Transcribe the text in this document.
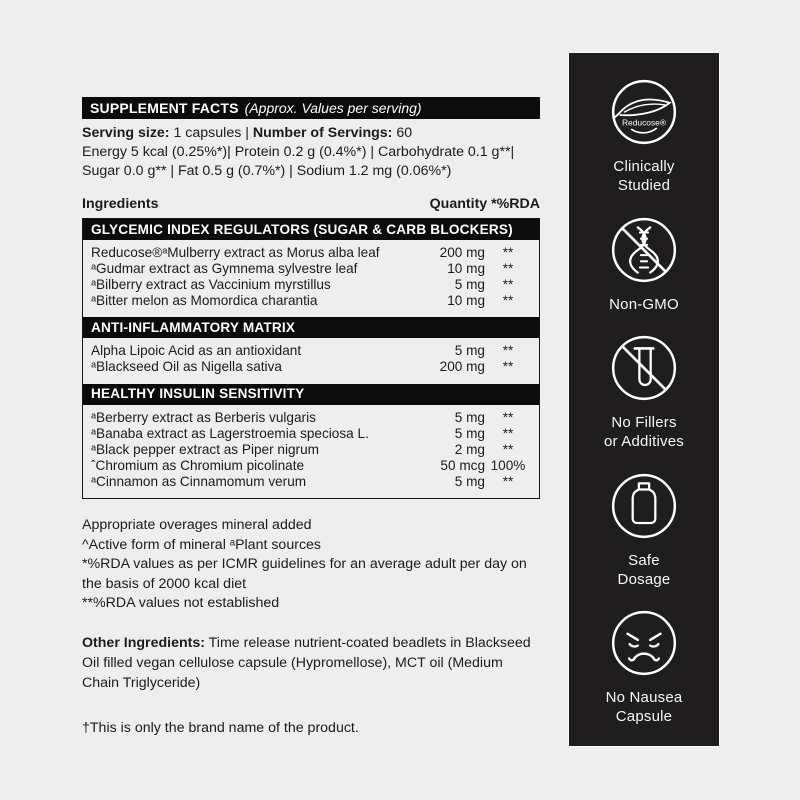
SUPPLEMENT FACTS (Approx. Values per serving)
Serving size: 1 capsules | Number of Servings: 60
Energy 5 kcal (0.25%*)| Protein 0.2 g (0.4%*) | Carbohydrate 0.1 g**|
Sugar 0.0 g** | Fat 0.5 g (0.7%*) | Sodium 1.2 mg (0.06%*)
Ingredients	Quantity *%RDA
GLYCEMIC INDEX REGULATORS (SUGAR & CARB BLOCKERS)
Reducose®ᵃMulberry extract as Morus alba leaf	200 mg	**
ᵃGudmar extract as Gymnema sylvestre leaf	10 mg	**
ᵃBilberry extract as Vaccinium myrstillus	5 mg	**
ᵃBitter melon as Momordica charantia	10 mg	**
ANTI-INFLAMMATORY MATRIX
Alpha Lipoic Acid as an antioxidant	5 mg	**
ᵃBlackseed Oil as Nigella sativa	200 mg	**
HEALTHY INSULIN SENSITIVITY
ᵃBerberry extract as Berberis vulgaris	5 mg	**
ᵃBanaba extract as Lagerstroemia speciosa L.	5 mg	**
ᵃBlack pepper extract as Piper nigrum	2 mg	**
ˆChromium as Chromium picolinate	50 mcg 100%
ᵃCinnamon as Cinnamomum verum	5 mg	**
Appropriate overages mineral added
^Active form of mineral ᵃPlant sources
*%RDA values as per ICMR guidelines for an average adult per day on the basis of 2000 kcal diet
**%RDA values not established
Other Ingredients: Time release nutrient-coated beadlets in Blackseed Oil filled vegan cellulose capsule (Hypromellose), MCT oil (Medium Chain Triglyceride)
†This is only the brand name of the product.
Reducose®
Clinically
Studied
Non-GMO
No Fillers
or Additives
Safe
Dosage
No Nausea
Capsule
